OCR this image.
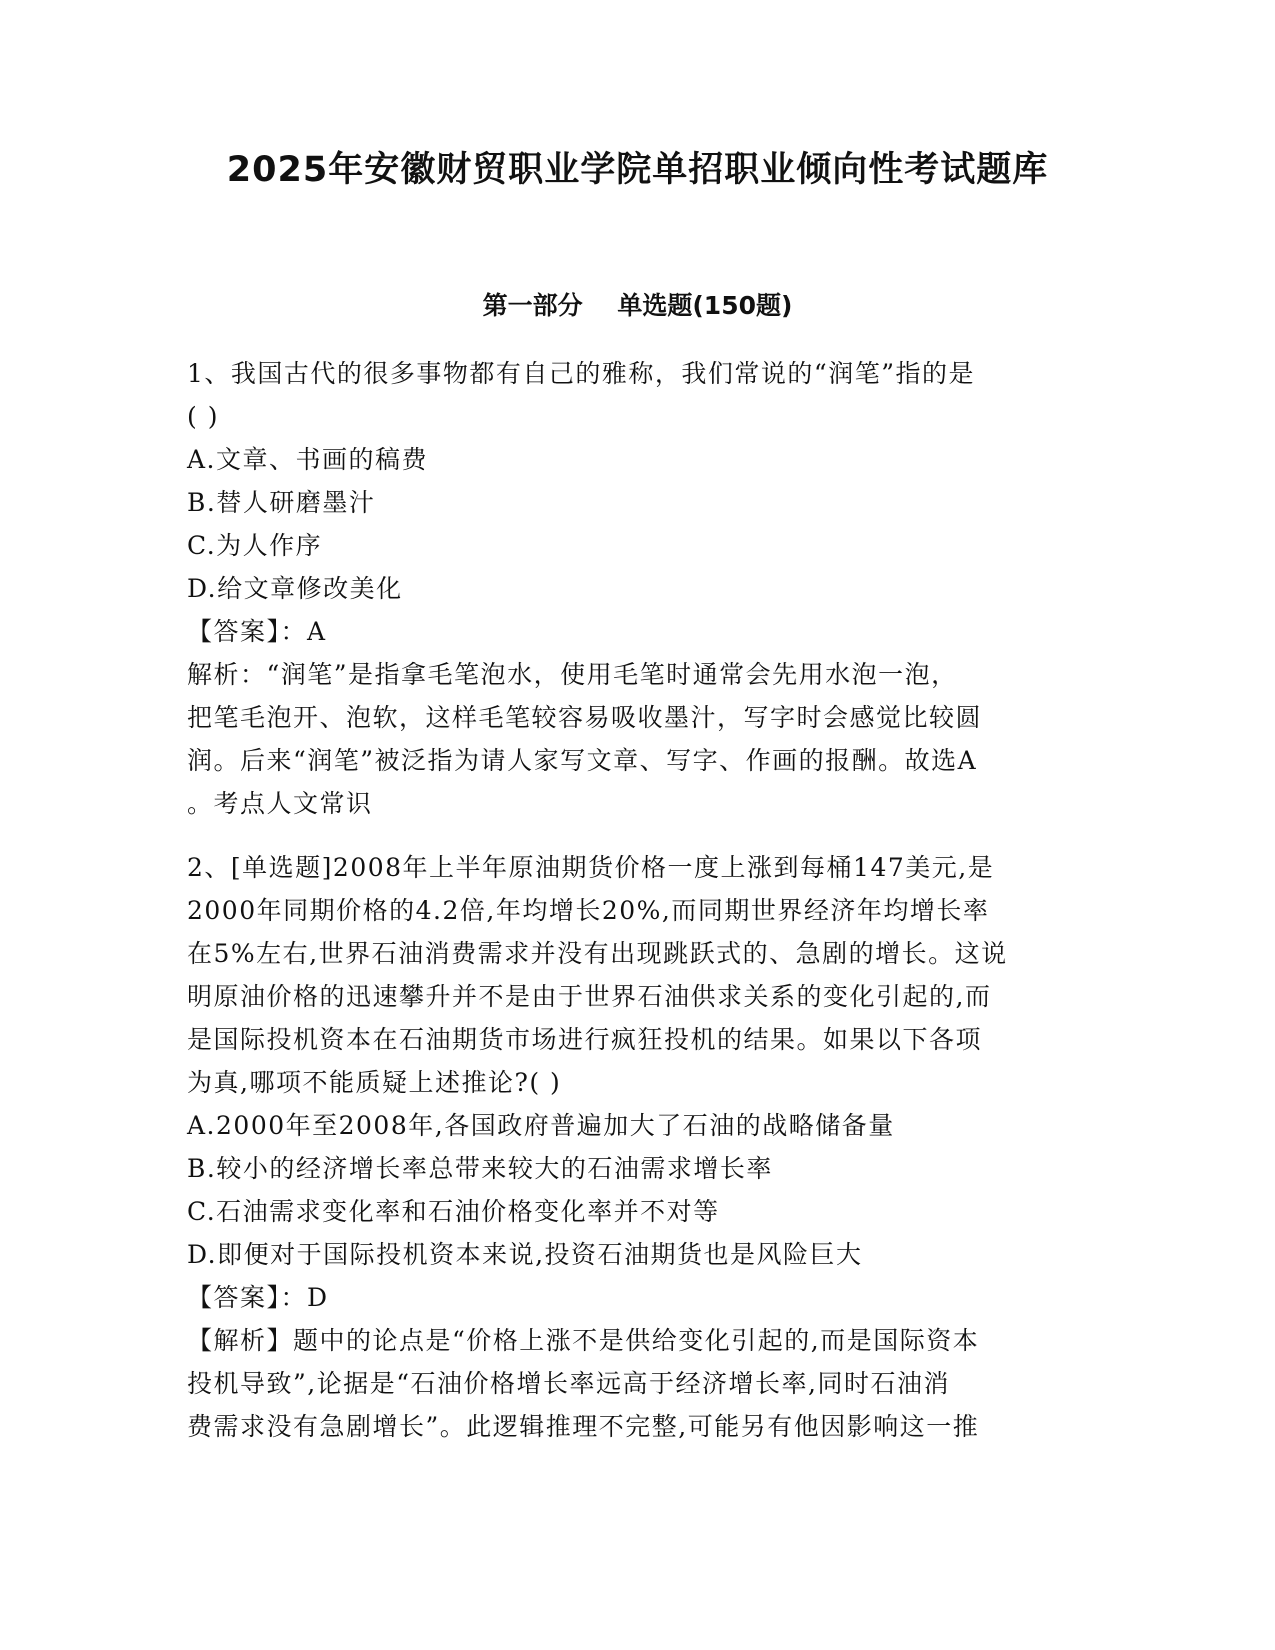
2025年安徽财贸职业学院单招职业倾向性考试题库
第一部分    单选题(150题)
1、我国古代的很多事物都有自己的雅称，我们常说的“润笔”指的是
( )
A.文章、书画的稿费
B.替人研磨墨汁
C.为人作序
D.给文章修改美化
【答案】：A
解析：“润笔”是指拿毛笔泡水，使用毛笔时通常会先用水泡一泡，
把笔毛泡开、泡软，这样毛笔较容易吸收墨汁，写字时会感觉比较圆
润。后来“润笔”被泛指为请人家写文章、写字、作画的报酬。故选A
。考点人文常识
2、[单选题]2008年上半年原油期货价格一度上涨到每桶147美元,是
2000年同期价格的4.2倍,年均增长20%,而同期世界经济年均增长率
在5%左右,世界石油消费需求并没有出现跳跃式的、急剧的增长。这说
明原油价格的迅速攀升并不是由于世界石油供求关系的变化引起的,而
是国际投机资本在石油期货市场进行疯狂投机的结果。如果以下各项
为真,哪项不能质疑上述推论?( )
A.2000年至2008年,各国政府普遍加大了石油的战略储备量
B.较小的经济增长率总带来较大的石油需求增长率
C.石油需求变化率和石油价格变化率并不对等
D.即便对于国际投机资本来说,投资石油期货也是风险巨大
【答案】：D
【解析】题中的论点是“价格上涨不是供给变化引起的,而是国际资本
投机导致”,论据是“石油价格增长率远高于经济增长率,同时石油消
费需求没有急剧增长”。此逻辑推理不完整,可能另有他因影响这一推
